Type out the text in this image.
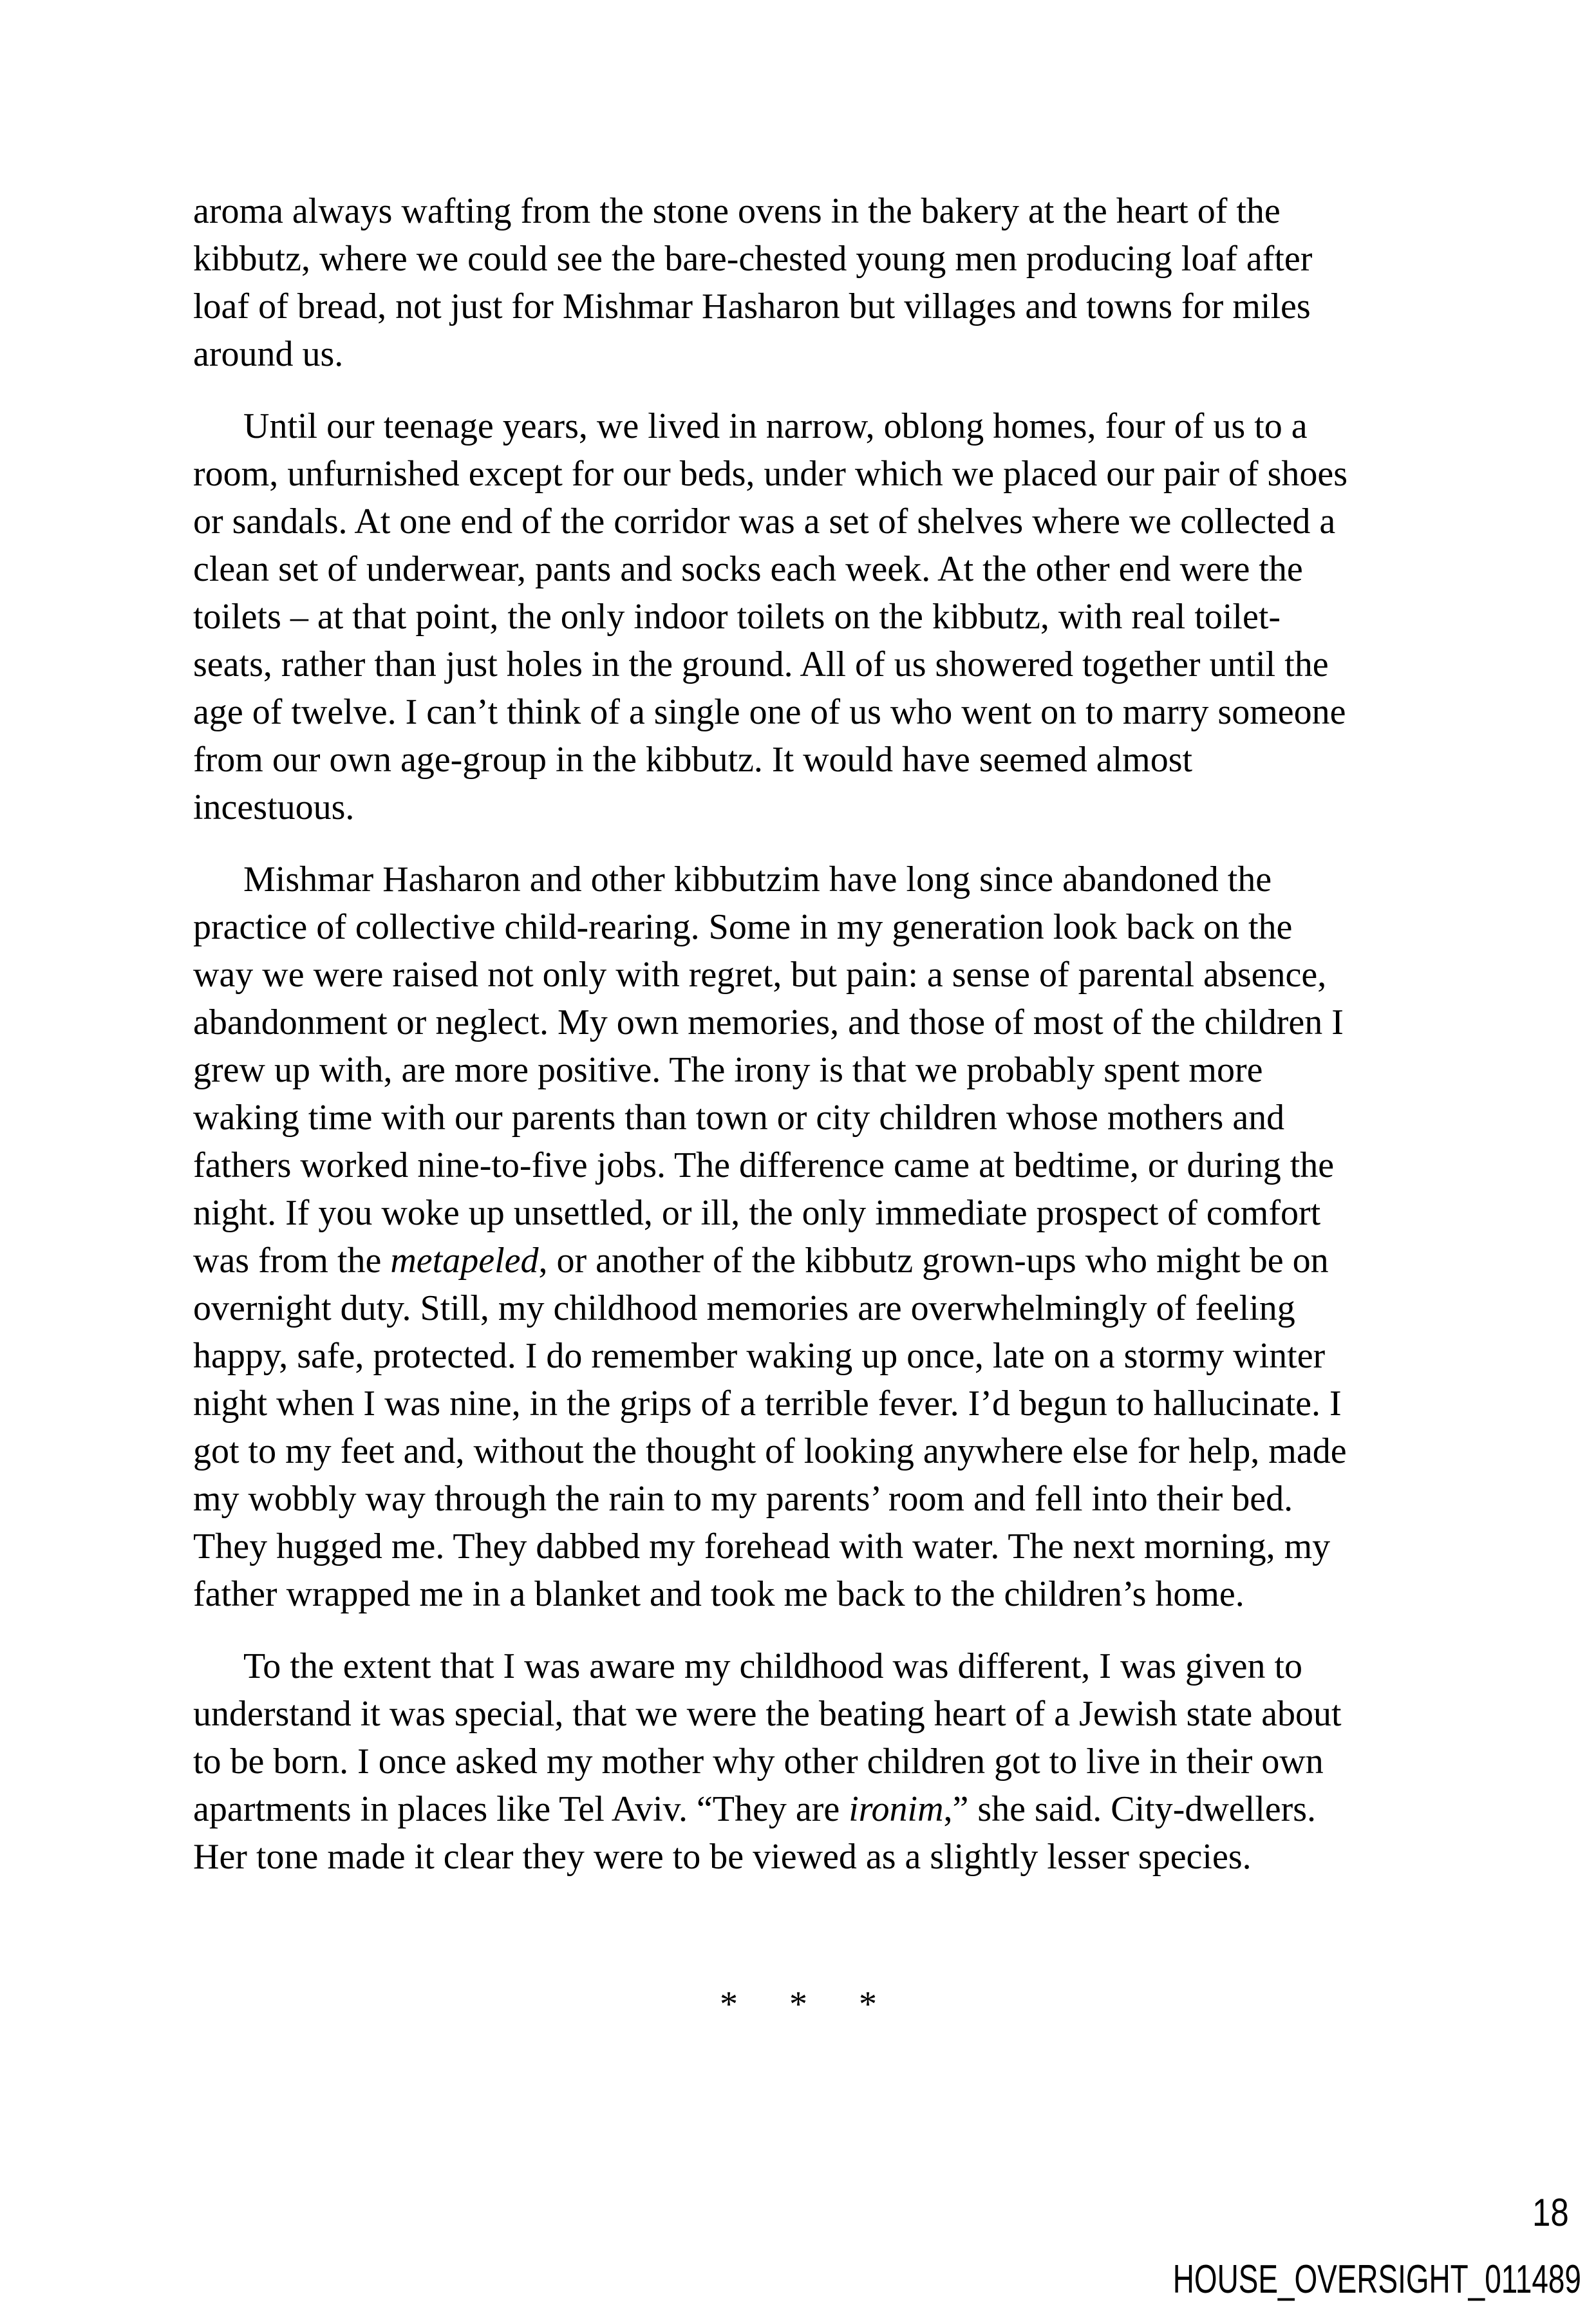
aroma always wafting from the stone ovens in the bakery at the heart of the
kibbutz, where we could see the bare-chested young men producing loaf after
loaf of bread, not just for Mishmar Hasharon but villages and towns for miles
around us.
Until our teenage years, we lived in narrow, oblong homes, four of us to a
room, unfurnished except for our beds, under which we placed our pair of shoes
or sandals. At one end of the corridor was a set of shelves where we collected a
clean set of underwear, pants and socks each week. At the other end were the
toilets – at that point, the only indoor toilets on the kibbutz, with real toilet-
seats, rather than just holes in the ground. All of us showered together until the
age of twelve. I can’t think of a single one of us who went on to marry someone
from our own age-group in the kibbutz. It would have seemed almost
incestuous.
Mishmar Hasharon and other kibbutzim have long since abandoned the
practice of collective child-rearing. Some in my generation look back on the
way we were raised not only with regret, but pain: a sense of parental absence,
abandonment or neglect. My own memories, and those of most of the children I
grew up with, are more positive. The irony is that we probably spent more
waking time with our parents than town or city children whose mothers and
fathers worked nine-to-five jobs. The difference came at bedtime, or during the
night. If you woke up unsettled, or ill, the only immediate prospect of comfort
was from the metapeled, or another of the kibbutz grown-ups who might be on
overnight duty. Still, my childhood memories are overwhelmingly of feeling
happy, safe, protected. I do remember waking up once, late on a stormy winter
night when I was nine, in the grips of a terrible fever. I’d begun to hallucinate. I
got to my feet and, without the thought of looking anywhere else for help, made
my wobbly way through the rain to my parents’ room and fell into their bed.
They hugged me. They dabbed my forehead with water. The next morning, my
father wrapped me in a blanket and took me back to the children’s home.
To the extent that I was aware my childhood was different, I was given to
understand it was special, that we were the beating heart of a Jewish state about
to be born. I once asked my mother why other children got to live in their own
apartments in places like Tel Aviv. “They are ironim,” she said. City-dwellers.
Her tone made it clear they were to be viewed as a slightly lesser species.
* * *
18
HOUSE_OVERSIGHT_011489
